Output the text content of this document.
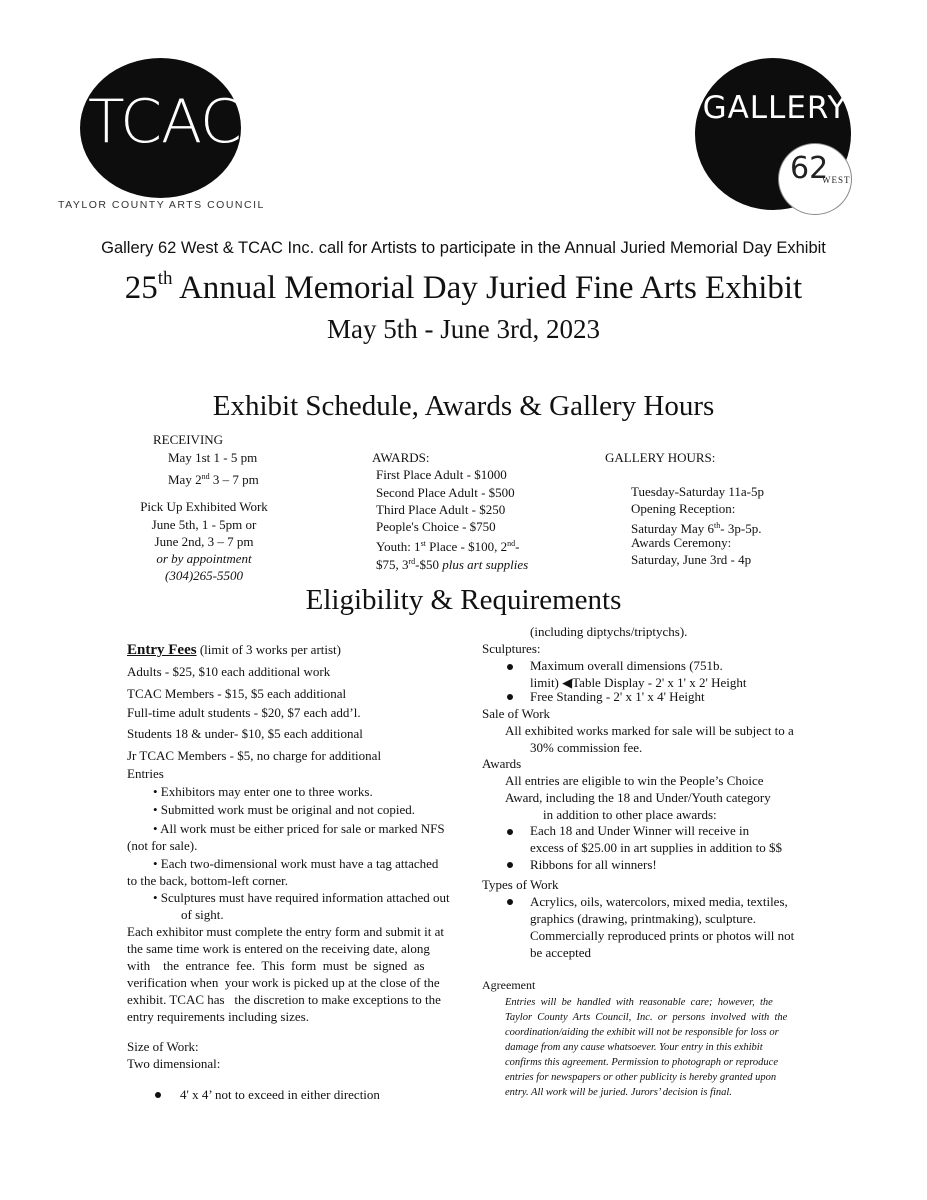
TCAC
TAYLOR COUNTY ARTS COUNCIL
GALLERY
62
WEST
Gallery 62 West & TCAC Inc. call for Artists to participate in the Annual Juried Memorial Day Exhibit
25th Annual Memorial Day Juried Fine Arts Exhibit
May 5th - June 3rd, 2023
Exhibit Schedule, Awards & Gallery Hours
RECEIVING
May 1st 1 - 5 pm
May 2nd 3 – 7 pm
Pick Up Exhibited Work
June 5th, 1 - 5pm or
June 2nd, 3 – 7 pm
or by appointment
(304)265-5500
AWARDS:
First Place Adult - $1000
Second Place Adult - $500
Third Place Adult - $250
People's Choice - $750
Youth: 1st Place - $100, 2nd-
$75, 3rd-$50 plus art supplies
GALLERY HOURS:
Tuesday-Saturday 11a-5p
Opening Reception:
Saturday May 6th- 3p-5p.
Awards Ceremony:
Saturday, June 3rd - 4p
Eligibility & Requirements
Entry Fees (limit of 3 works per artist)
Adults - $25, $10 each additional work
TCAC Members - $15, $5 each additional
Full-time adult students - $20, $7 each add’l.
Students 18 & under- $10, $5 each additional
Jr TCAC Members - $5, no charge for additional
Entries
• Exhibitors may enter one to three works.
• Submitted work must be original and not copied.
• All work must be either priced for sale or marked NFS
(not for sale).
• Each two-dimensional work must have a tag attached
to the back, bottom-left corner.
• Sculptures must have required information attached out
of sight.
Each exhibitor must complete the entry form and submit it at
the same time work is entered on the receiving date, along
with    the  entrance  fee.  This  form  must  be  signed  as
verification when  your work is picked up at the close of the
exhibit. TCAC has   the discretion to make exceptions to the
entry requirements including sizes.
Size of Work:
Two dimensional:
4' x 4’ not to exceed in either direction
(including diptychs/triptychs).
Sculptures:
Maximum overall dimensions (751b.
limit) ◀Table Display - 2' x 1' x 2' Height
Free Standing - 2' x 1' x 4' Height
Sale of Work
All exhibited works marked for sale will be subject to a
30% commission fee.
Awards
All entries are eligible to win the People’s Choice
Award, including the 18 and Under/Youth category
in addition to other place awards:
Each 18 and Under Winner will receive in
excess of $25.00 in art supplies in addition to $$
Ribbons for all winners!
Types of Work
Acrylics, oils, watercolors, mixed media, textiles,
graphics (drawing, printmaking), sculpture.
Commercially reproduced prints or photos will not
be accepted
Agreement
Entries  will  be  handled  with  reasonable  care;  however,  the
Taylor  County  Arts  Council,  Inc.  or  persons  involved  with  the
coordination/aiding the exhibit will not be responsible for loss or
damage from any cause whatsoever. Your entry in this exhibit
confirms this agreement. Permission to photograph or reproduce
entries for newspapers or other publicity is hereby granted upon
entry. All work will be juried. Jurors’ decision is final.
